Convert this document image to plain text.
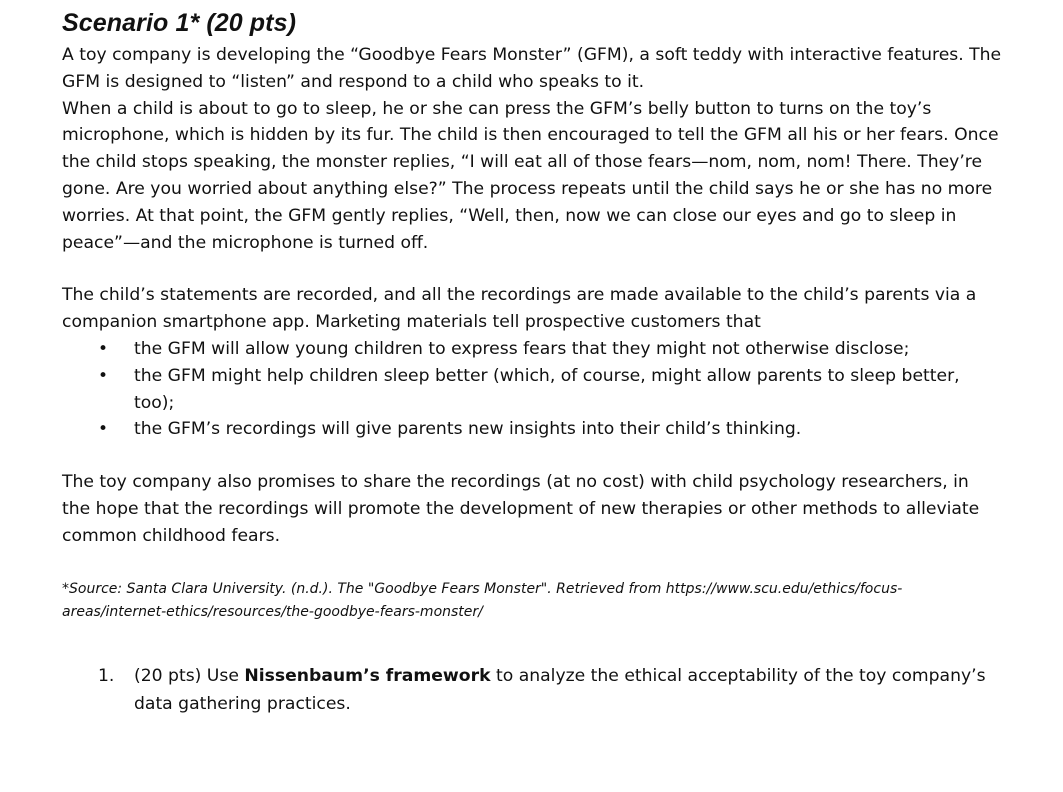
Scenario 1* (20 pts)

A toy company is developing the “Goodbye Fears Monster” (GFM), a soft teddy with interactive features. The GFM is designed to “listen” and respond to a child who speaks to it.

When a child is about to go to sleep, he or she can press the GFM’s belly button to turns on the toy’s microphone, which is hidden by its fur. The child is then encouraged to tell the GFM all his or her fears. Once the child stops speaking, the monster replies, “I will eat all of those fears—nom, nom, nom! There. They’re gone. Are you worried about anything else?” The process repeats until the child says he or she has no more worries. At that point, the GFM gently replies, “Well, then, now we can close our eyes and go to sleep in peace”—and the microphone is turned off.

The child’s statements are recorded, and all the recordings are made available to the child’s parents via a companion smartphone app. Marketing materials tell prospective customers that

• the GFM will allow young children to express fears that they might not otherwise disclose;
• the GFM might help children sleep better (which, of course, might allow parents to sleep better, too);
• the GFM’s recordings will give parents new insights into their child’s thinking.

The toy company also promises to share the recordings (at no cost) with child psychology researchers, in the hope that the recordings will promote the development of new therapies or other methods to alleviate common childhood fears.

*Source: Santa Clara University. (n.d.). The "Goodbye Fears Monster". Retrieved from https://www.scu.edu/ethics/focus-areas/internet-ethics/resources/the-goodbye-fears-monster/
1. (20 pts) Use Nissenbaum’s framework to analyze the ethical acceptability of the toy company’s data gathering practices.
